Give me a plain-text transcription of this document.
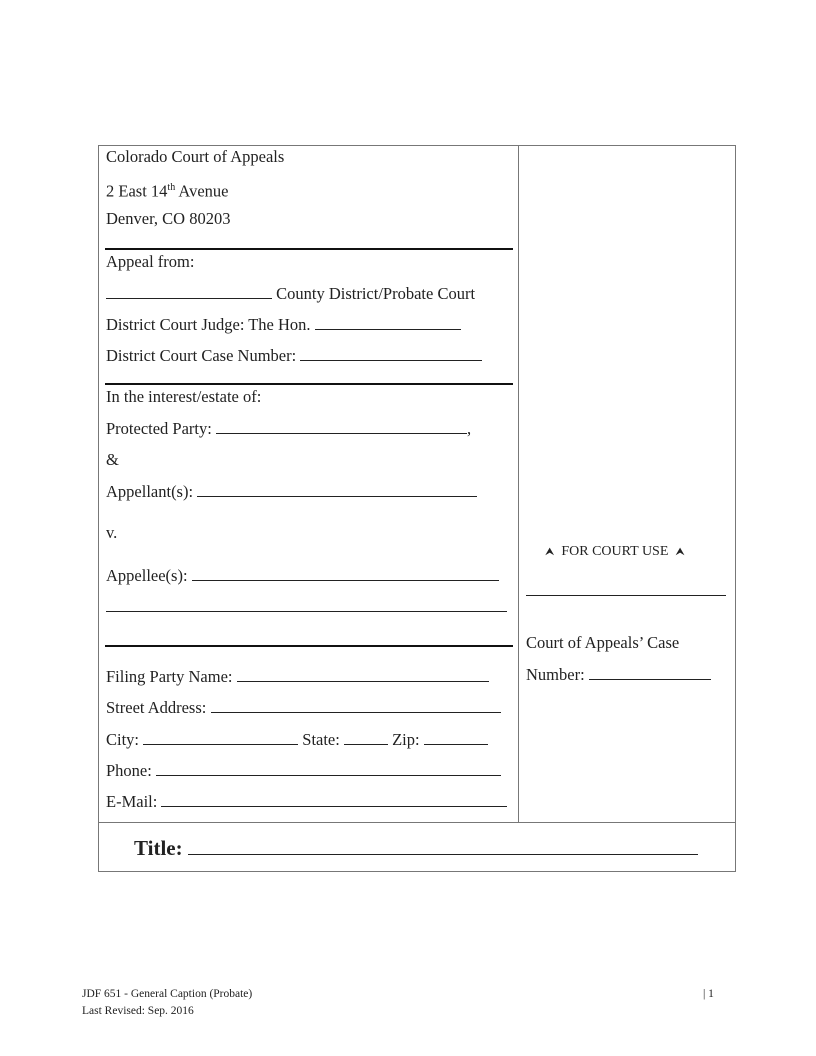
Colorado Court of Appeals
2 East 14th Avenue
Denver, CO 80203
Appeal from:
County District/Probate Court
District Court Judge: The Hon.
District Court Case Number:
In the interest/estate of:
Protected Party:	,
&
Appellant(s):
v.
Appellee(s):
Filing Party Name:
Street Address:
City:	State:	Zip:
Phone:
E-Mail:
⮝ FOR COURT USE ⮝
Court of Appeals’ Case
Number:
Title:
JDF 651 - General Caption (Probate)
Last Revised: Sep. 2016
| 1
